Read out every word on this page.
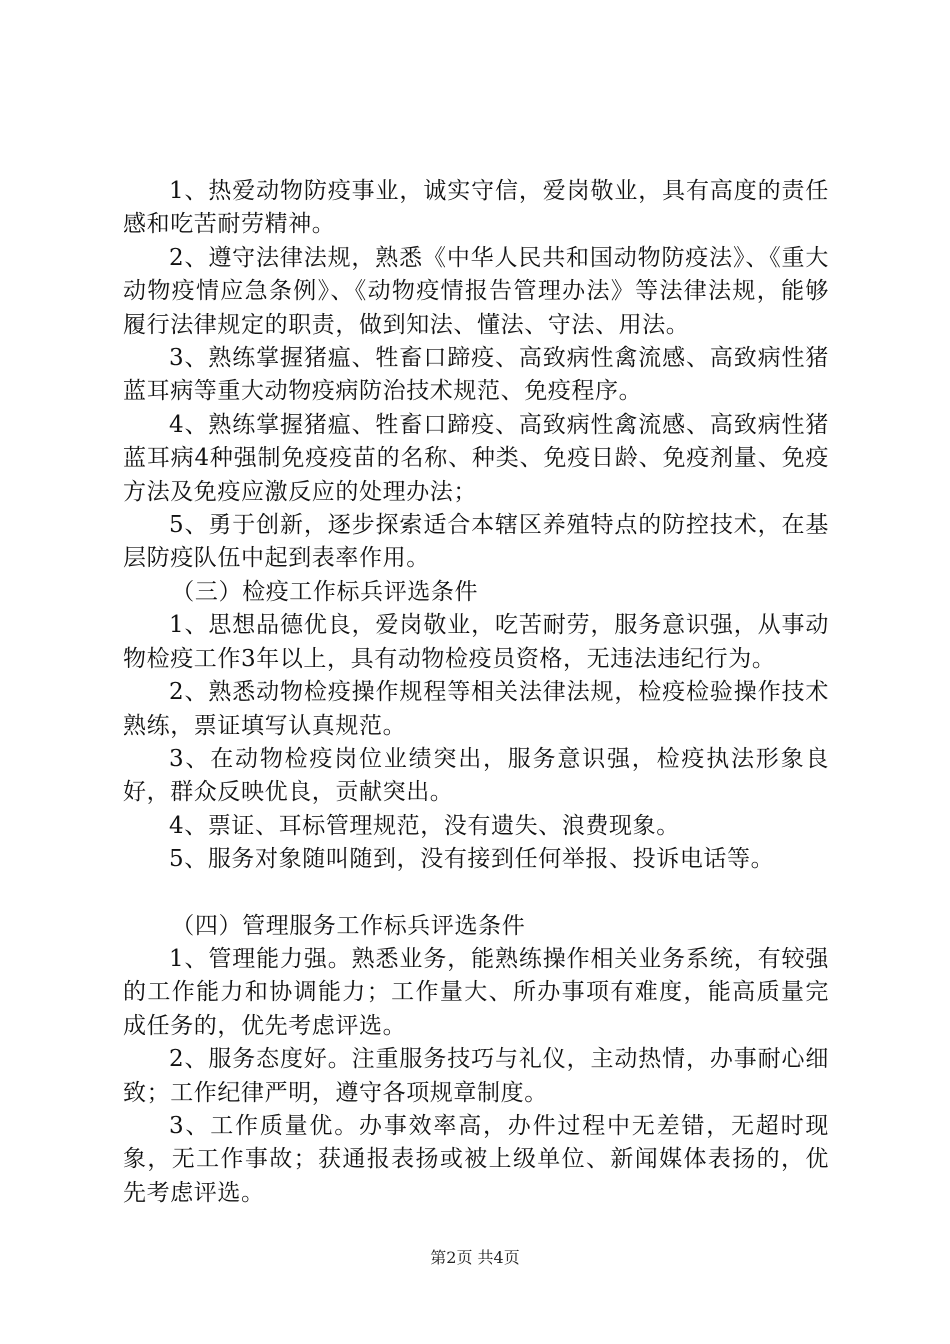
1、热爱动物防疫事业，诚实守信，爱岗敬业，具有高度的责任感和吃苦耐劳精神。

2、遵守法律法规，熟悉《中华人民共和国动物防疫法》、《重大动物疫情应急条例》、《动物疫情报告管理办法》等法律法规，能够履行法律规定的职责，做到知法、懂法、守法、用法。

3、熟练掌握猪瘟、牲畜口蹄疫、高致病性禽流感、高致病性猪蓝耳病等重大动物疫病防治技术规范、免疫程序。

4、熟练掌握猪瘟、牲畜口蹄疫、高致病性禽流感、高致病性猪蓝耳病4种强制免疫疫苗的名称、种类、免疫日龄、免疫剂量、免疫方法及免疫应激反应的处理办法；

5、勇于创新，逐步探索适合本辖区养殖特点的防控技术，在基层防疫队伍中起到表率作用。

（三）检疫工作标兵评选条件

1、思想品德优良，爱岗敬业，吃苦耐劳，服务意识强，从事动物检疫工作3年以上，具有动物检疫员资格，无违法违纪行为。

2、熟悉动物检疫操作规程等相关法律法规，检疫检验操作技术熟练，票证填写认真规范。

3、在动物检疫岗位业绩突出，服务意识强，检疫执法形象良好，群众反映优良，贡献突出。

4、票证、耳标管理规范，没有遗失、浪费现象。

5、服务对象随叫随到，没有接到任何举报、投诉电话等。

（四）管理服务工作标兵评选条件

1、管理能力强。熟悉业务，能熟练操作相关业务系统，有较强的工作能力和协调能力；工作量大、所办事项有难度，能高质量完成任务的，优先考虑评选。

2、服务态度好。注重服务技巧与礼仪，主动热情，办事耐心细致；工作纪律严明，遵守各项规章制度。

3、工作质量优。办事效率高，办件过程中无差错，无超时现象，无工作事故；获通报表扬或被上级单位、新闻媒体表扬的，优先考虑评选。

第2页 共4页
